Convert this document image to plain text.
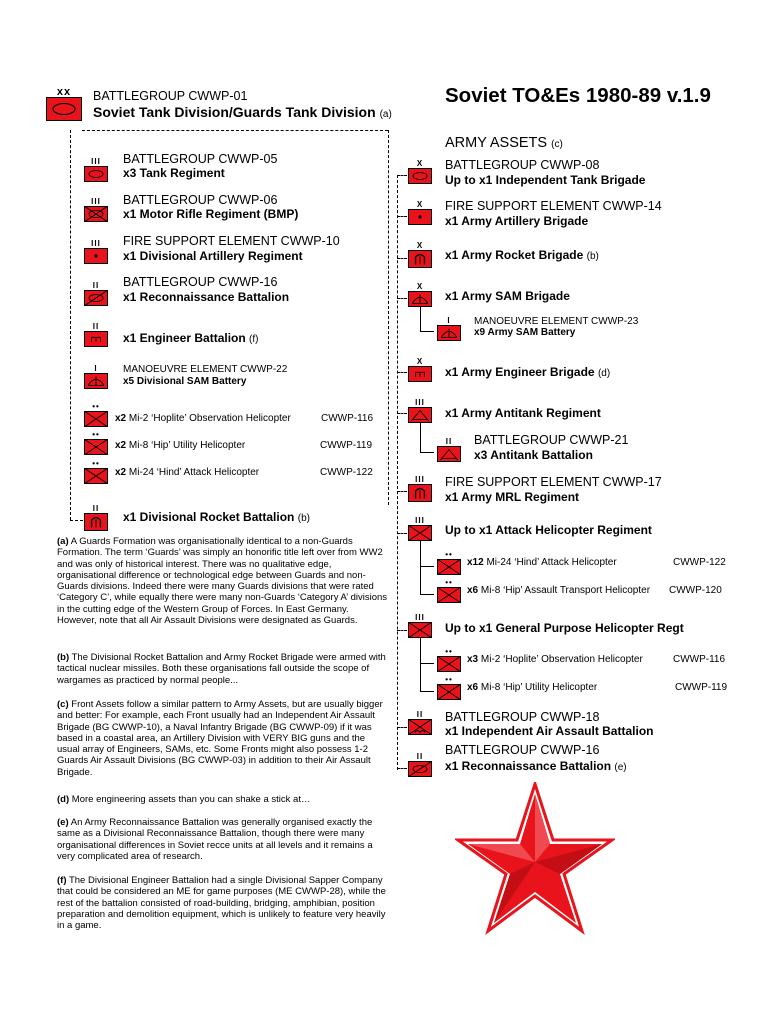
Soviet TO&Es 1980-89 v.1.9
xx	BATTLEGROUP CWWP-01
Soviet Tank Division/Guards Tank Division (a)
III	BATTLEGROUP CWWP-05
x3 Tank Regiment
III	BATTLEGROUP CWWP-06
x1 Motor Rifle Regiment (BMP)
III	FIRE SUPPORT ELEMENT CWWP-10
x1 Divisional Artillery Regiment
II	BATTLEGROUP CWWP-16
x1 Reconnaissance Battalion
II
x1 Engineer Battalion (f)
I	MANOEUVRE ELEMENT CWWP-22
x5 Divisional SAM Battery
••
x2 Mi-2 ‘Hoplite’ Observation Helicopter	CWWP-116
••
x2 Mi-8 ‘Hip’ Utility Helicopter	CWWP-119
••
x2 Mi-24 ‘Hind’ Attack Helicopter	CWWP-122
II
x1 Divisional Rocket Battalion (b)
ARMY ASSETS (c)
X	BATTLEGROUP CWWP-08
Up to x1 Independent Tank Brigade
X	FIRE SUPPORT ELEMENT CWWP-14
x1 Army Artillery Brigade
X
x1 Army Rocket Brigade (b)
X
x1 Army SAM Brigade
I	MANOEUVRE ELEMENT CWWP-23
x9 Army SAM Battery
X
x1 Army Engineer Brigade (d)
III
x1 Army Antitank Regiment
II	BATTLEGROUP CWWP-21
x3 Antitank Battalion
III	FIRE SUPPORT ELEMENT CWWP-17
x1 Army MRL Regiment
III
Up to x1 Attack Helicopter Regiment
••
x12 Mi-24 ‘Hind’ Attack Helicopter	CWWP-122
••
x6 Mi-8 ‘Hip’ Assault Transport Helicopter CWWP-120
III
Up to x1 General Purpose Helicopter Regt
••
x3 Mi-2 ‘Hoplite’ Observation Helicopter	CWWP-116
••
x6 Mi-8 ‘Hip’ Utility Helicopter	CWWP-119
II	BATTLEGROUP CWWP-18
x1 Independent Air Assault Battalion
II	BATTLEGROUP CWWP-16
x1 Reconnaissance Battalion (e)
(a) A Guards Formation was organisationally identical to a non-Guards Formation. The term ‘Guards’ was simply an honorific title left over from WW2 and was only of historical interest. There was no qualitative edge, organisational difference or technological edge between Guards and non-Guards divisions. Indeed there were many Guards divisions that were rated ‘Category C’, while equally there were many non-Guards ‘Category A’ divisions in the cutting edge of the Western Group of Forces. In East Germany. However, note that all Air Assault Divisions were designated as Guards.
(b) The Divisional Rocket Battalion and Army Rocket Brigade were armed with tactical nuclear missiles. Both these organisations fall outside the scope of wargames as practiced by normal people...
(c) Front Assets follow a similar pattern to Army Assets, but are usually bigger and better: For example, each Front usually had an Independent Air Assault Brigade (BG CWWP-10), a Naval Infantry Brigade (BG CWWP-09) if it was based in a coastal area, an Artillery Division with VERY BIG guns and the usual array of Engineers, SAMs, etc. Some Fronts might also possess 1-2 Guards Air Assault Divisions (BG CWWP-03) in addition to their Air Assault Brigade.
(d) More engineering assets than you can shake a stick at…
(e) An Army Reconnaissance Battalion was generally organised exactly the same as a Divisional Reconnaissance Battalion, though there were many organisational differences in Soviet recce units at all levels and it remains a very complicated area of research.
(f) The Divisional Engineer Battalion had a single Divisional Sapper Company that could be considered an ME for game purposes (ME CWWP-28), while the rest of the battalion consisted of road-building, bridging, amphibian, position preparation and demolition equipment, which is unlikely to feature very heavily in a game.
